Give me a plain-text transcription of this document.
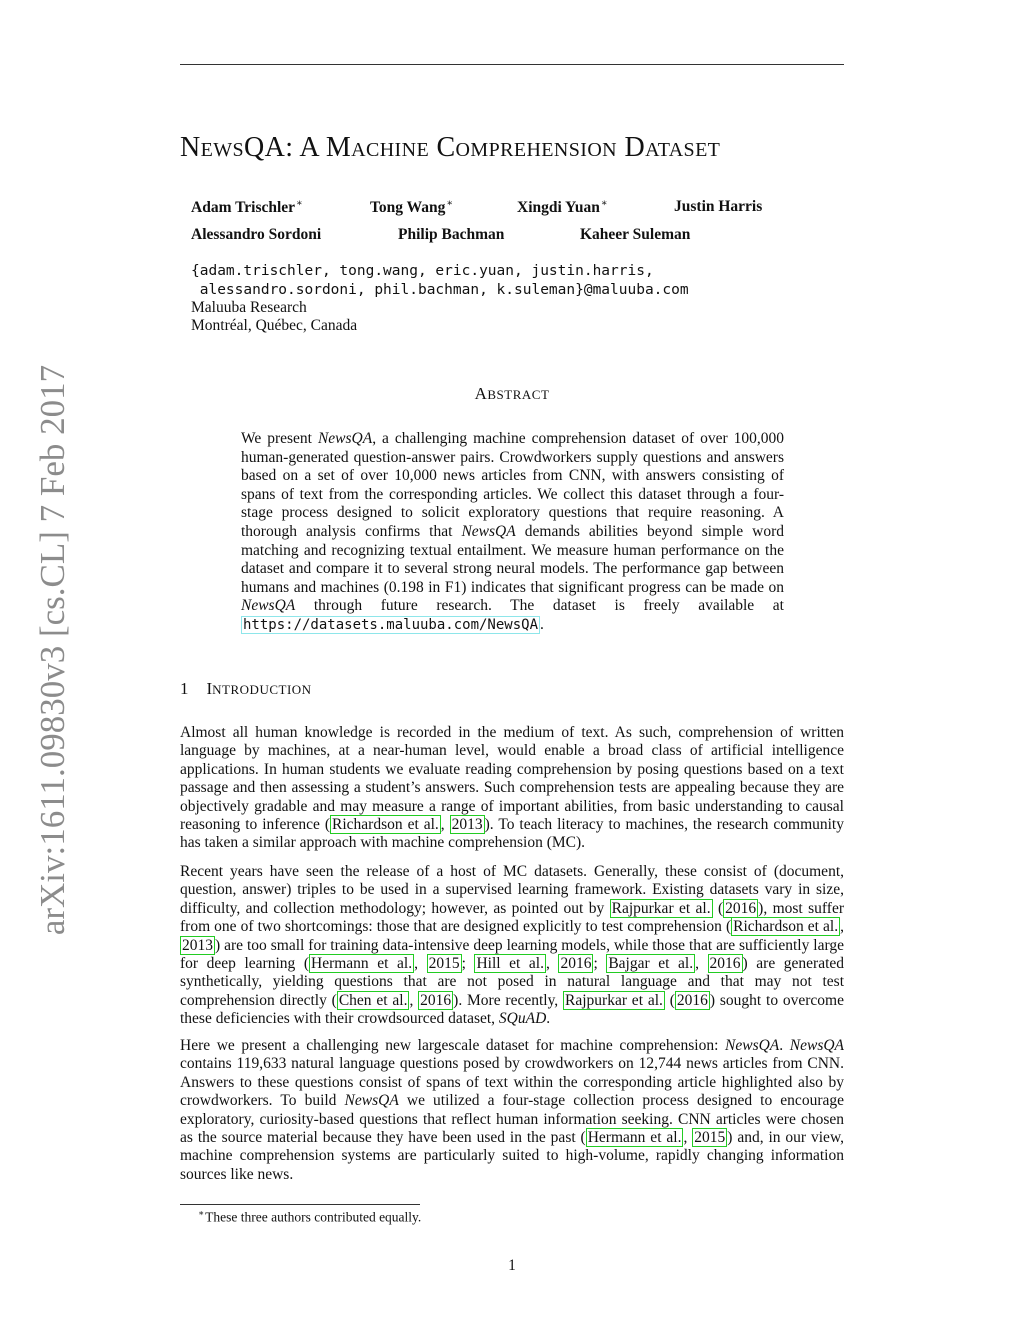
arXiv:1611.09830v3 [cs.CL] 7 Feb 2017
NEWSQA: A MACHINE COMPREHENSION DATASET
Adam Trischler∗	Tong Wang∗	Xingdi Yuan∗	Justin Harris
Alessandro Sordoni	Philip Bachman	Kaheer Suleman
{adam.trischler, tong.wang, eric.yuan, justin.harris,
alessandro.sordoni, phil.bachman, k.suleman}@maluuba.com
Maluuba Research
Montréal, Québec, Canada
ABSTRACT

We present NewsQA, a challenging machine comprehension dataset of over 100,000 human-generated question-answer pairs. Crowdworkers supply questions and answers based on a set of over 10,000 news articles from CNN, with answers consisting of spans of text from the corresponding articles. We collect this dataset through a four-stage process designed to solicit exploratory questions that require reasoning. A thorough analysis confirms that NewsQA demands abilities beyond simple word matching and recognizing textual entailment. We measure human performance on the dataset and compare it to several strong neural models. The performance gap between humans and machines (0.198 in F1) indicates that significant progress can be made on NewsQA through future research. The dataset is freely available at https://datasets.maluuba.com/NewsQA .

1 INTRODUCTION

Almost all human knowledge is recorded in the medium of text. As such, comprehension of written language by machines, at a near-human level, would enable a broad class of artificial intelligence applications. In human students we evaluate reading comprehension by posing questions based on a text passage and then assessing a student’s answers. Such comprehension tests are appealing because they are objectively gradable and may measure a range of important abilities, from basic understanding to causal reasoning to inference ( Richardson et al. , 2013 ). To teach literacy to machines, the research community has taken a similar approach with machine comprehension (MC).

Recent years have seen the release of a host of MC datasets. Generally, these consist of (document, question, answer) triples to be used in a supervised learning framework. Existing datasets vary in size, difficulty, and collection methodology; however, as pointed out by Rajpurkar et al. ( 2016 ), most suffer from one of two shortcomings: those that are designed explicitly to test comprehension ( Richardson et al. , 2013 ) are too small for training data-intensive deep learning models, while those that are sufficiently large for deep learning ( Hermann et al. , 2015 ; Hill et al. , 2016 ; Bajgar et al. , 2016 ) are generated synthetically, yielding questions that are not posed in natural language and that may not test comprehension directly ( Chen et al. , 2016 ). More recently, Rajpurkar et al. ( 2016 ) sought to overcome these deficiencies with their crowdsourced dataset, SQuAD.

Here we present a challenging new largescale dataset for machine comprehension: NewsQA. NewsQA contains 119,633 natural language questions posed by crowdworkers on 12,744 news articles from CNN. Answers to these questions consist of spans of text within the corresponding article highlighted also by crowdworkers. To build NewsQA we utilized a four-stage collection process designed to encourage exploratory, curiosity-based questions that reflect human information seeking. CNN articles were chosen as the source material because they have been used in the past ( Hermann et al. , 2015 ) and, in our view, machine comprehension systems are particularly suited to high-volume, rapidly changing information sources like news.

∗These three authors contributed equally.
1
